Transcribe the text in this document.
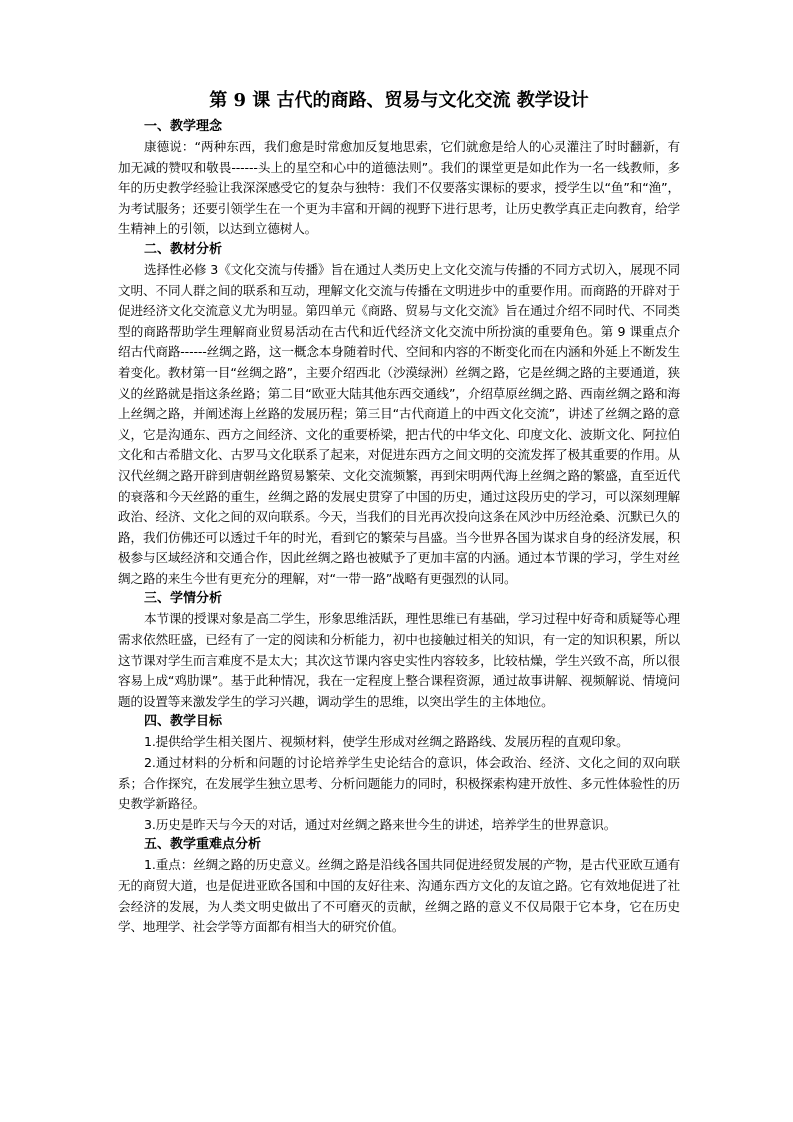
第 9 课 古代的商路、贸易与文化交流 教学设计
一、教学理念

康德说：“两种东西，我们愈是时常愈加反复地思索，它们就愈是给人的心灵灌注了时时翻新，有加无减的赞叹和敬畏------头上的星空和心中的道德法则”。我们的课堂更是如此作为一名一线教师，多年的历史教学经验让我深深感受它的复杂与独特：我们不仅要落实课标的要求，授学生以“鱼”和“渔”，为考试服务；还要引领学生在一个更为丰富和开阔的视野下进行思考，让历史教学真正走向教育，给学生精神上的引领，以达到立德树人。

二、教材分析

选择性必修 3《文化交流与传播》旨在通过人类历史上文化交流与传播的不同方式切入，展现不同文明、不同人群之间的联系和互动，理解文化交流与传播在文明进步中的重要作用。而商路的开辟对于促进经济文化交流意义尤为明显。第四单元《商路、贸易与文化交流》旨在通过介绍不同时代、不同类型的商路帮助学生理解商业贸易活动在古代和近代经济文化交流中所扮演的重要角色。第 9 课重点介绍古代商路------丝绸之路，这一概念本身随着时代、空间和内容的不断变化而在内涵和外延上不断发生着变化。教材第一目“丝绸之路”，主要介绍西北（沙漠绿洲）丝绸之路，它是丝绸之路的主要通道，狭义的丝路就是指这条丝路；第二目“欧亚大陆其他东西交通线”，介绍草原丝绸之路、西南丝绸之路和海上丝绸之路，并阐述海上丝路的发展历程；第三目“古代商道上的中西文化交流”，讲述了丝绸之路的意义，它是沟通东、西方之间经济、文化的重要桥梁，把古代的中华文化、印度文化、波斯文化、阿拉伯文化和古希腊文化、古罗马文化联系了起来，对促进东西方之间文明的交流发挥了极其重要的作用。从汉代丝绸之路开辟到唐朝丝路贸易繁荣、文化交流频繁，再到宋明两代海上丝绸之路的繁盛，直至近代的衰落和今天丝路的重生，丝绸之路的发展史贯穿了中国的历史，通过这段历史的学习，可以深刻理解政治、经济、文化之间的双向联系。今天，当我们的目光再次投向这条在风沙中历经沧桑、沉默已久的路，我们仿佛还可以透过千年的时光，看到它的繁荣与昌盛。当今世界各国为谋求自身的经济发展，积极参与区域经济和交通合作，因此丝绸之路也被赋予了更加丰富的内涵。通过本节课的学习，学生对丝绸之路的来生今世有更充分的理解，对“一带一路”战略有更强烈的认同。

三、学情分析

本节课的授课对象是高二学生，形象思维活跃，理性思维已有基础，学习过程中好奇和质疑等心理需求依然旺盛，已经有了一定的阅读和分析能力，初中也接触过相关的知识，有一定的知识积累，所以这节课对学生而言难度不是太大；其次这节课内容史实性内容较多，比较枯燥，学生兴致不高，所以很容易上成“鸡肋课”。基于此种情况，我在一定程度上整合课程资源，通过故事讲解、视频解说、情境问题的设置等来激发学生的学习兴趣，调动学生的思维，以突出学生的主体地位。

四、教学目标

1.提供给学生相关图片、视频材料，使学生形成对丝绸之路路线、发展历程的直观印象。

2.通过材料的分析和问题的讨论培养学生史论结合的意识，体会政治、经济、文化之间的双向联系；合作探究，在发展学生独立思考、分析问题能力的同时，积极探索构建开放性、多元性体验性的历史教学新路径。

3.历史是昨天与今天的对话，通过对丝绸之路来世今生的讲述，培养学生的世界意识。

五、教学重难点分析

1.重点：丝绸之路的历史意义。丝绸之路是沿线各国共同促进经贸发展的产物，是古代亚欧互通有无的商贸大道，也是促进亚欧各国和中国的友好往来、沟通东西方文化的友谊之路。它有效地促进了社会经济的发展，为人类文明史做出了不可磨灭的贡献，丝绸之路的意义不仅局限于它本身，它在历史学、地理学、社会学等方面都有相当大的研究价值。
